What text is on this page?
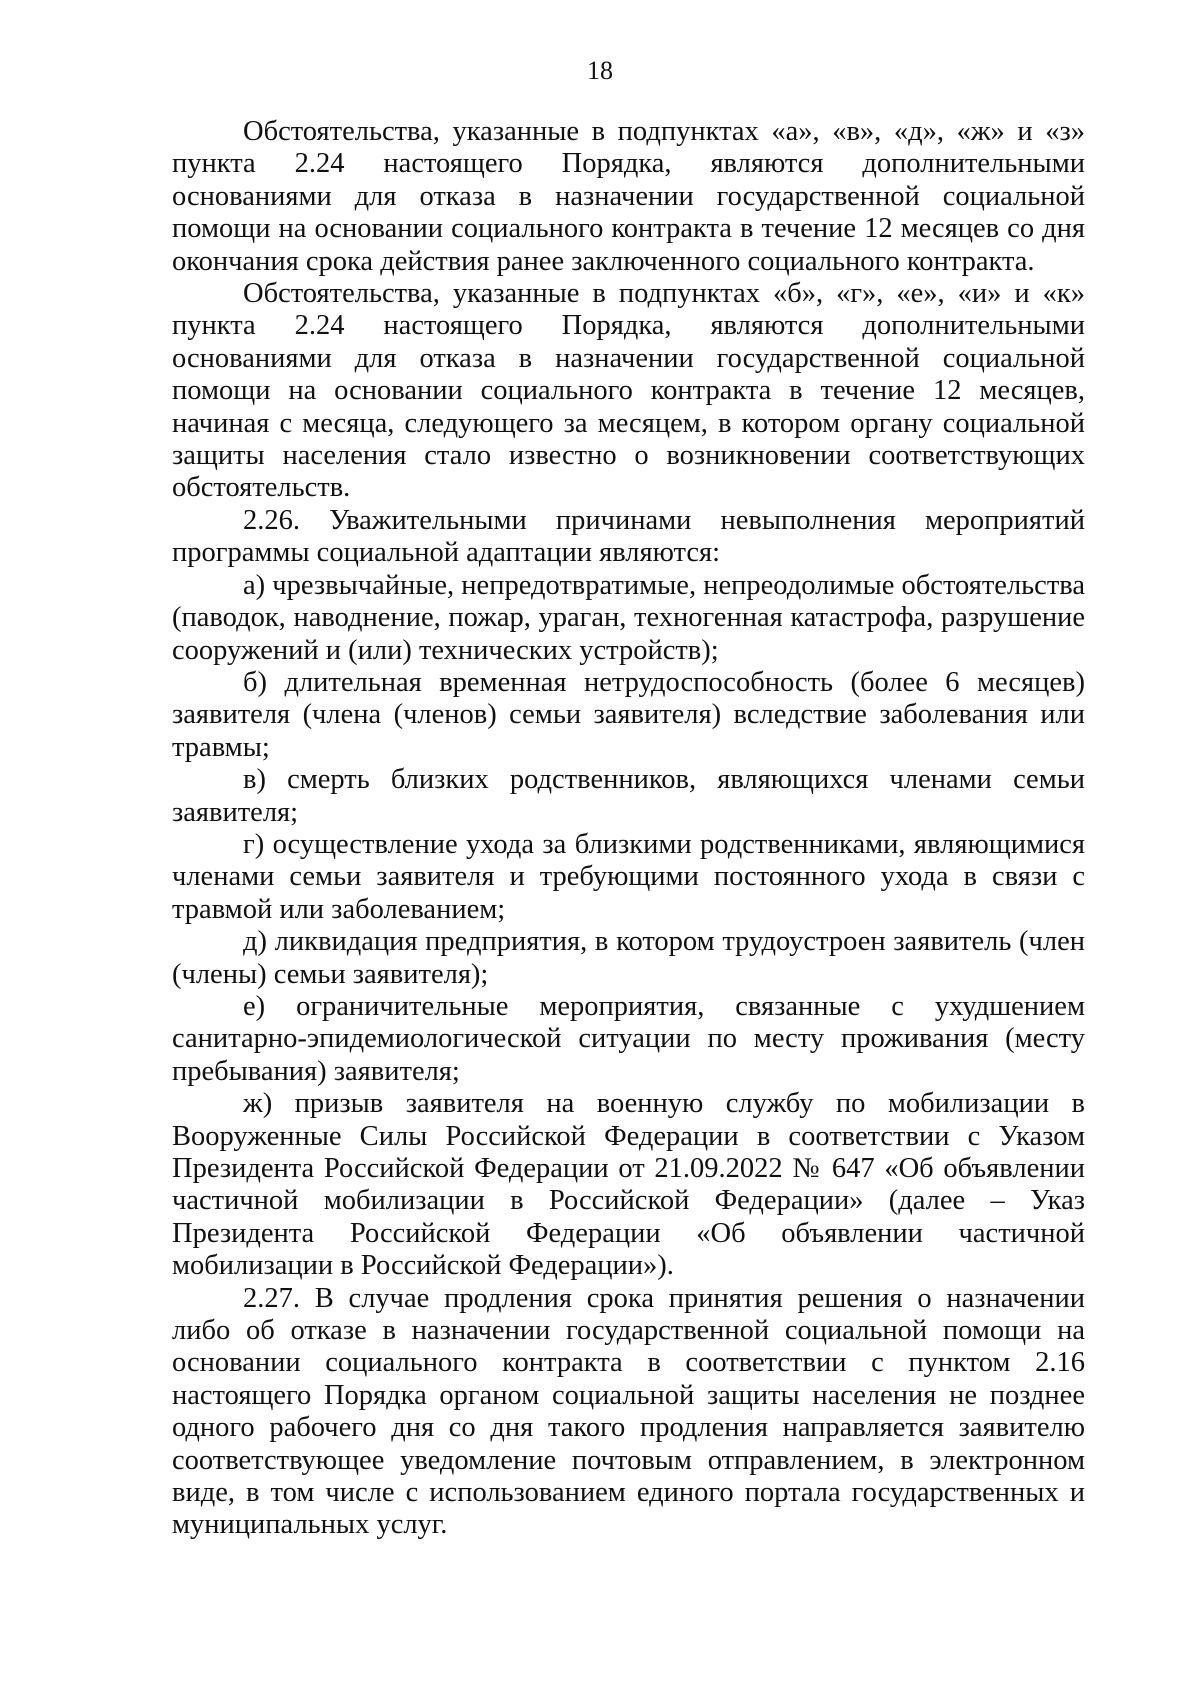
18

Обстоятельства, указанные в подпунктах «а», «в», «д», «ж» и «з» пункта 2.24 настоящего Порядка, являются дополнительными основаниями для отказа в назначении государственной социальной помощи на основании социального контракта в течение 12 месяцев со дня окончания срока действия ранее заключенного социального контракта.

Обстоятельства, указанные в подпунктах «б», «г», «е», «и» и «к» пункта 2.24 настоящего Порядка, являются дополнительными основаниями для отказа в назначении государственной социальной помощи на основании социального контракта в течение 12 месяцев, начиная с месяца, следующего за месяцем, в котором органу социальной защиты населения стало известно о возникновении соответствующих обстоятельств.

2.26. Уважительными причинами невыполнения мероприятий программы социальной адаптации являются:

а) чрезвычайные, непредотвратимые, непреодолимые обстоятельства (паводок, наводнение, пожар, ураган, техногенная катастрофа, разрушение сооружений и (или) технических устройств);

б) длительная временная нетрудоспособность (более 6 месяцев) заявителя (члена (членов) семьи заявителя) вследствие заболевания или травмы;

в) смерть близких родственников, являющихся членами семьи заявителя;

г) осуществление ухода за близкими родственниками, являющимися членами семьи заявителя и требующими постоянного ухода в связи с травмой или заболеванием;

д) ликвидация предприятия, в котором трудоустроен заявитель (член (члены) семьи заявителя);

е) ограничительные мероприятия, связанные с ухудшением санитарно-эпидемиологической ситуации по месту проживания (месту пребывания) заявителя;

ж) призыв заявителя на военную службу по мобилизации в Вооруженные Силы Российской Федерации в соответствии с Указом Президента Российской Федерации от 21.09.2022 № 647 «Об объявлении частичной мобилизации в Российской Федерации» (далее – Указ Президента Российской Федерации «Об объявлении частичной мобилизации в Российской Федерации»).

2.27. В случае продления срока принятия решения о назначении либо об отказе в назначении государственной социальной помощи на основании социального контракта в соответствии с пунктом 2.16 настоящего Порядка органом социальной защиты населения не позднее одного рабочего дня со дня такого продления направляется заявителю соответствующее уведомление почтовым отправлением, в электронном виде, в том числе с использованием единого портала государственных и муниципальных услуг.
